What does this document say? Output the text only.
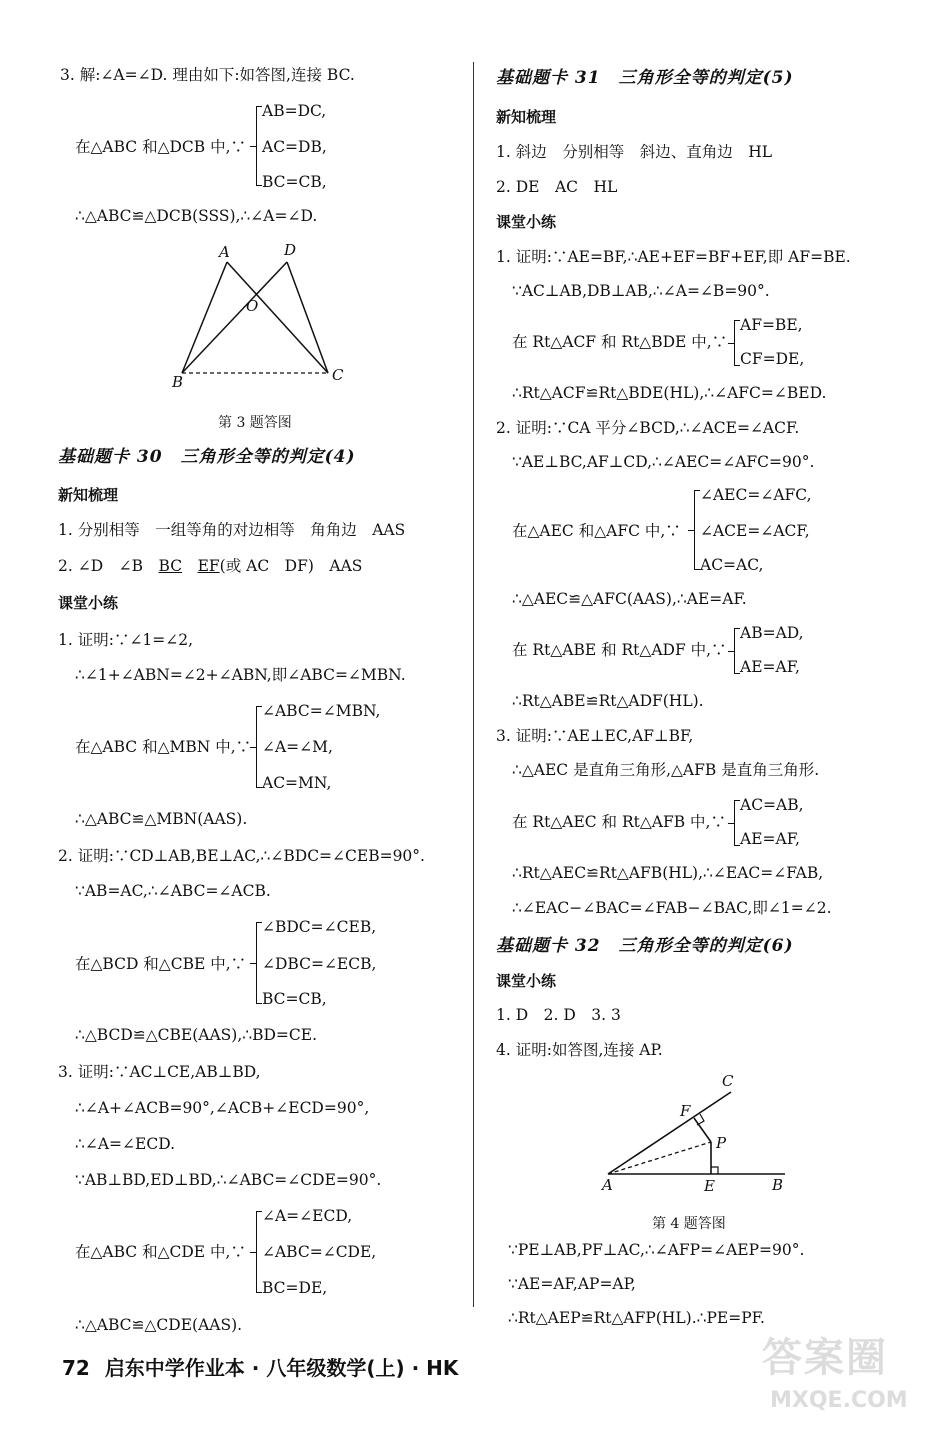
3. 解:∠A=∠D. 理由如下:如答图,连接 BC.
在△ABC 和△DCB 中,∵
AB=DC,
AC=DB,
BC=CB,
∴△ABC≌△DCB(SSS),∴∠A=∠D.
A	D
O
B	C
第 3 题答图
基础题卡 30　三角形全等的判定(4)
新知梳理
1. 分别相等　一组等角的对边相等　角角边　AAS
2. ∠D　∠B　BC　 EF(或 AC　DF)　AAS
课堂小练
1. 证明:∵∠1=∠2,
∴∠1+∠ABN=∠2+∠ABN,即∠ABC=∠MBN.
在△ABC 和△MBN 中,∵
∠ABC=∠MBN,
∠A=∠M,
AC=MN,
∴△ABC≌△MBN(AAS).
2. 证明:∵CD⊥AB,BE⊥AC,∴∠BDC=∠CEB=90°.
∵AB=AC,∴∠ABC=∠ACB.
在△BCD 和△CBE 中,∵
∠BDC=∠CEB,
∠DBC=∠ECB,
BC=CB,
∴△BCD≌△CBE(AAS),∴BD=CE.
3. 证明:∵AC⊥CE,AB⊥BD,
∴∠A+∠ACB=90°,∠ACB+∠ECD=90°,
∴∠A=∠ECD.
∵AB⊥BD,ED⊥BD,∴∠ABC=∠CDE=90°.
在△ABC 和△CDE 中,∵
∠A=∠ECD,
∠ABC=∠CDE,
BC=DE,
∴△ABC≌△CDE(AAS).
基础题卡 31　三角形全等的判定(5)
新知梳理
1. 斜边　分别相等　斜边、直角边　HL
2. DE　AC　HL
课堂小练
1. 证明:∵AE=BF,∴AE+EF=BF+EF,即 AF=BE.
∵AC⊥AB,DB⊥AB,∴∠A=∠B=90°.
在 Rt△ACF 和 Rt△BDE 中,∵
AF=BE,
CF=DE,
∴Rt△ACF≌Rt△BDE(HL),∴∠AFC=∠BED.
2. 证明:∵CA 平分∠BCD,∴∠ACE=∠ACF.
∵AE⊥BC,AF⊥CD,∴∠AEC=∠AFC=90°.
在△AEC 和△AFC 中,∵
∠AEC=∠AFC,
∠ACE=∠ACF,
AC=AC,
∴△AEC≌△AFC(AAS),∴AE=AF.
在 Rt△ABE 和 Rt△ADF 中,∵
AB=AD,
AE=AF,
∴Rt△ABE≌Rt△ADF(HL).
3. 证明:∵AE⊥EC,AF⊥BF,
∴△AEC 是直角三角形,△AFB 是直角三角形.
在 Rt△AEC 和 Rt△AFB 中,∵
AC=AB,
AE=AF,
∴Rt△AEC≌Rt△AFB(HL),∴∠EAC=∠FAB,
∴∠EAC−∠BAC=∠FAB−∠BAC,即∠1=∠2.
基础题卡 32　三角形全等的判定(6)
课堂小练
1. D　2. D　3. 3
4. 证明:如答图,连接 AP.
C
F
P
A	E	B
第 4 题答图
∵PE⊥AB,PF⊥AC,∴∠AFP=∠AEP=90°.
∵AE=AF,AP=AP,
∴Rt△AEP≌Rt△AFP(HL).∴PE=PF.
72 启东中学作业本 · 八年级数学(上) · HK	答案圈
MXQE.COM
